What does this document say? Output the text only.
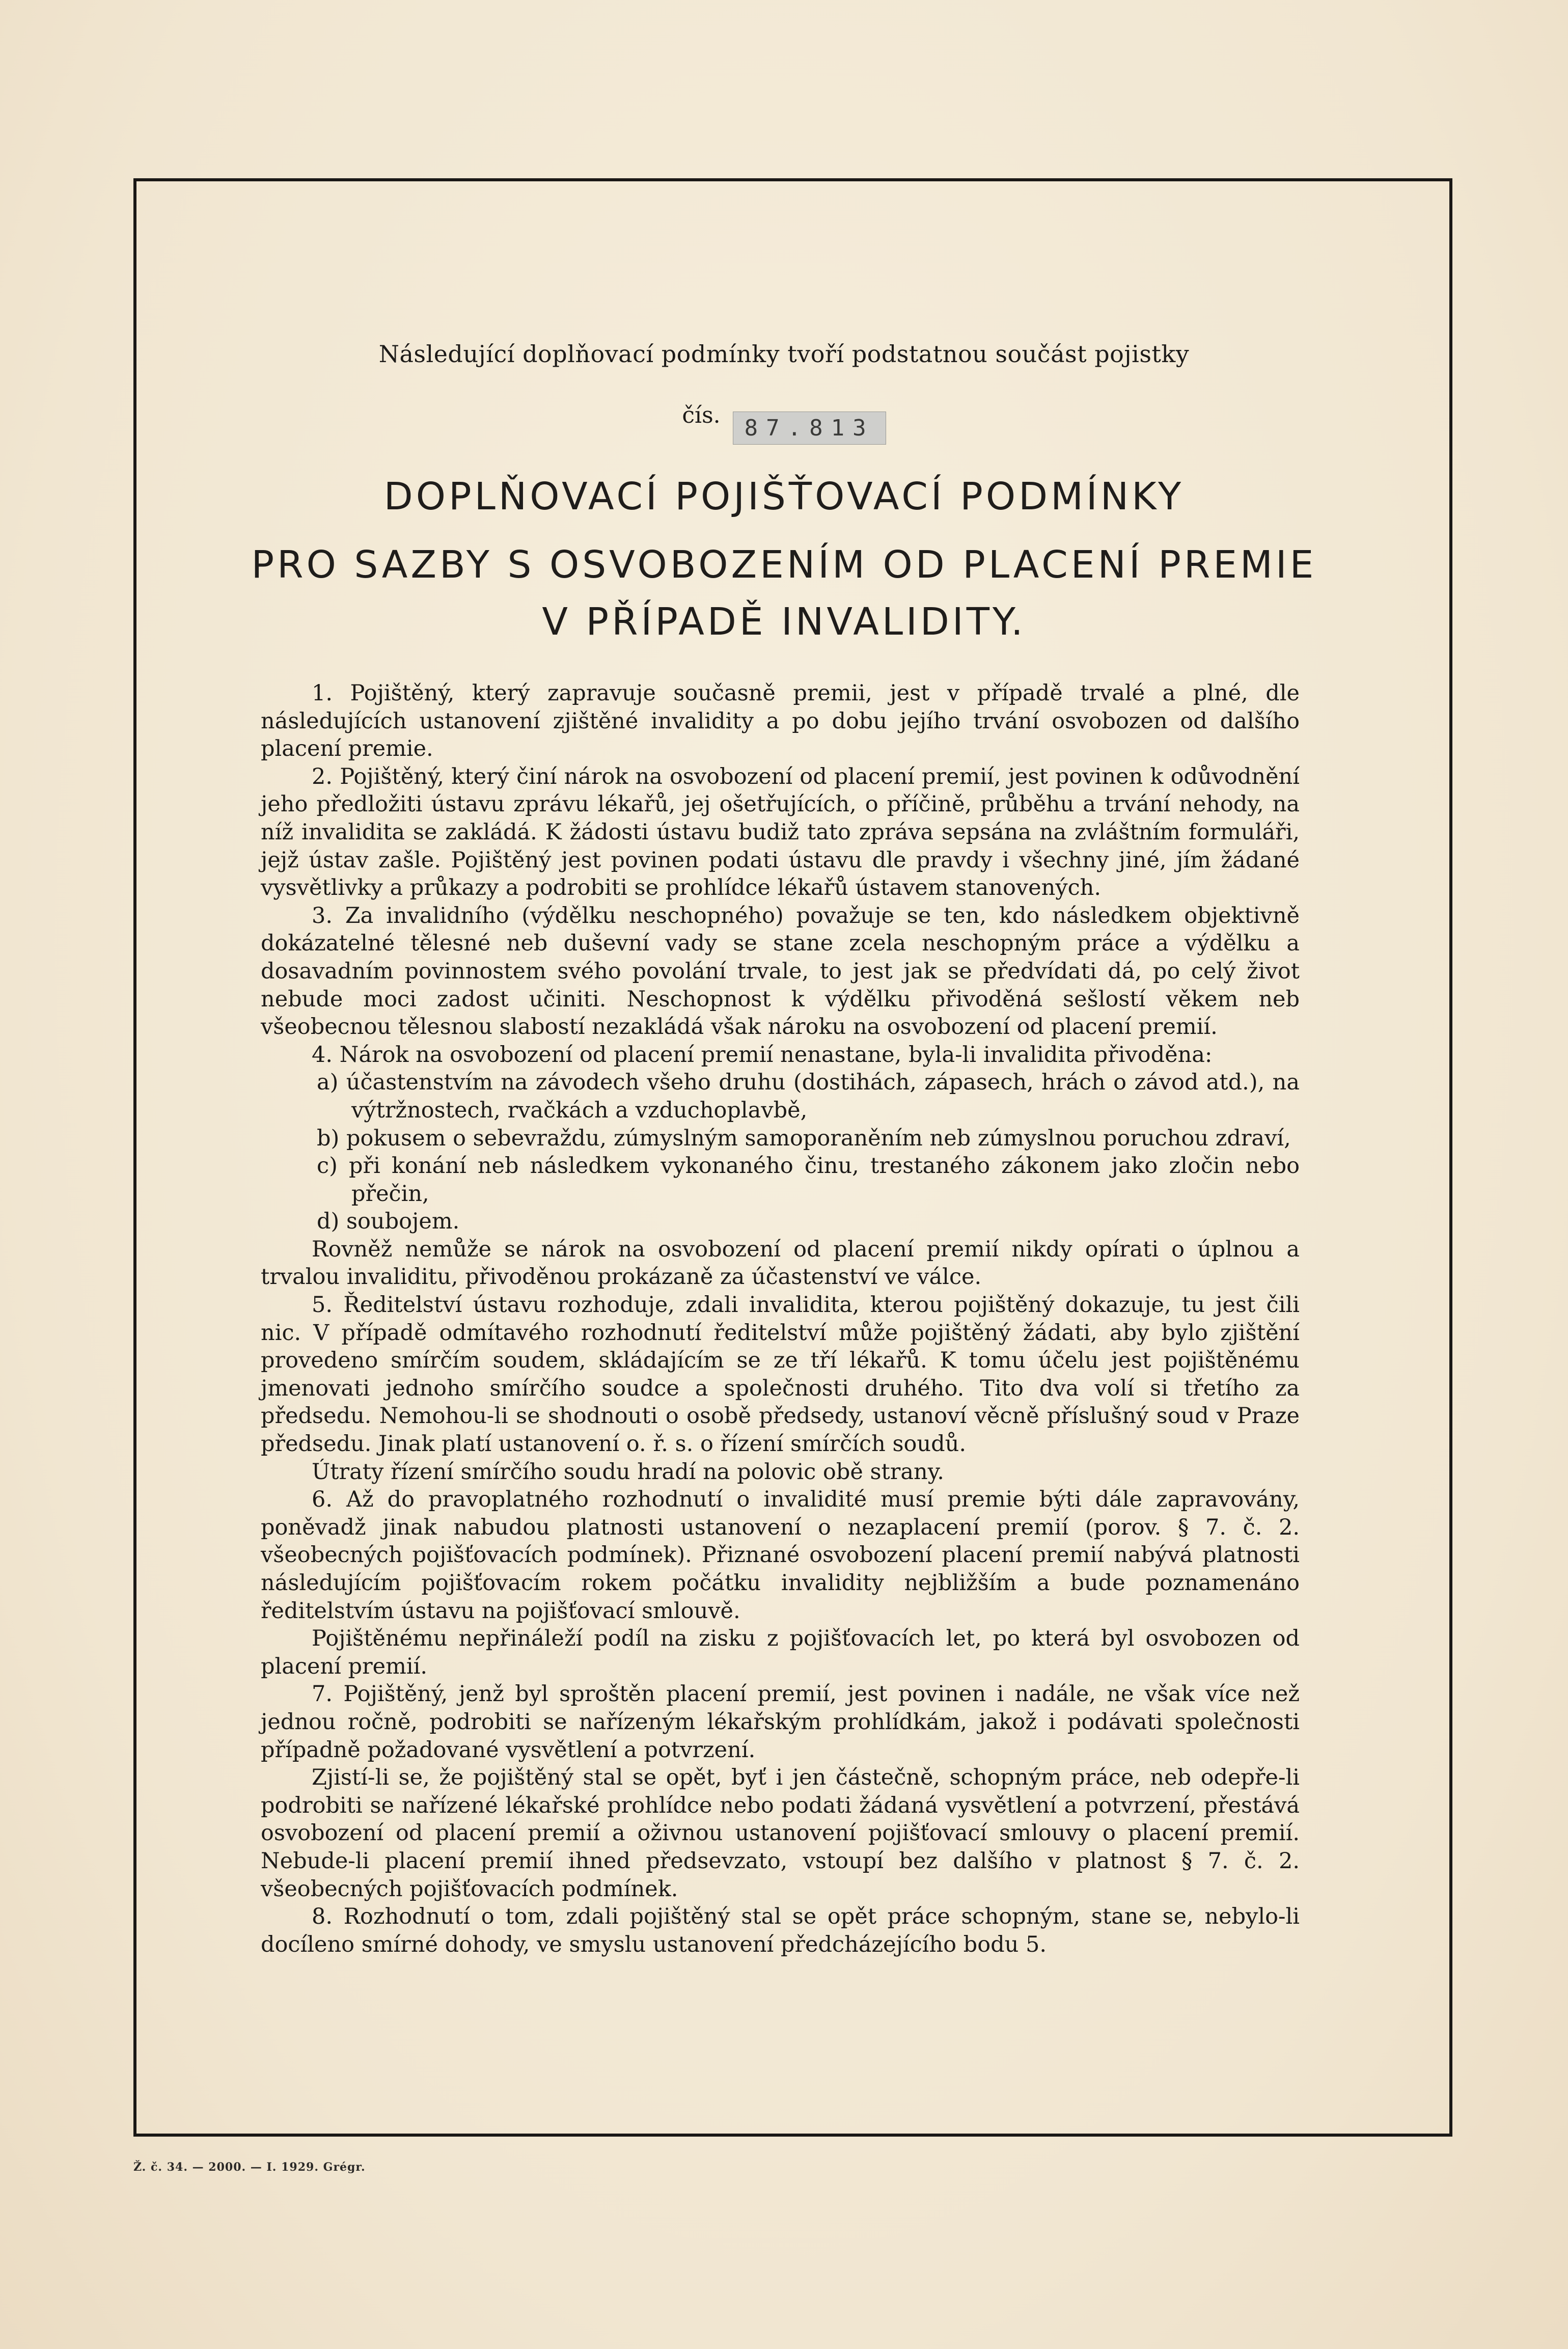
Následující doplňovací podmínky tvoří podstatnou součást pojistky
čís. 87.813
DOPLŇOVACÍ POJIŠŤOVACÍ PODMÍNKY
PRO SAZBY S OSVOBOZENÍM OD PLACENÍ PREMIE
V PŘÍPADĚ INVALIDITY.

1. Pojištěný, který zapravuje současně premii, jest v případě trvalé a plné, dle následujících ustanovení zjištěné invalidity a po dobu jejího trvání osvobozen od dalšího placení premie.

2. Pojištěný, který činí nárok na osvobození od placení premií, jest povinen k odůvodnění jeho předložiti ústavu zprávu lékařů, jej ošetřujících, o příčině, průběhu a trvání nehody, na níž invalidita se zakládá. K žádosti ústavu budiž tato zpráva sepsána na zvláštním formuláři, jejž ústav zašle. Pojištěný jest povinen podati ústavu dle pravdy i všechny jiné, jím žádané vysvětlivky a průkazy a podrobiti se prohlídce lékařů ústavem stanovených.

3. Za invalidního (výdělku neschopného) považuje se ten, kdo následkem objektivně dokázatelné tělesné neb duševní vady se stane zcela neschopným práce a výdělku a dosavadním povinnostem svého povolání trvale, to jest jak se předvídati dá, po celý život nebude moci zadost učiniti. Neschopnost k výdělku přivoděná sešlostí věkem neb všeobecnou tělesnou slabostí nezakládá však nároku na osvobození od placení premií.

4. Nárok na osvobození od placení premií nenastane, byla-li invalidita přivoděna:

a) účastenstvím na závodech všeho druhu (dostihách, zápasech, hrách o závod atd.), na výtržnostech, rvačkách a vzduchoplavbě,

b) pokusem o sebevraždu, zúmyslným samoporaněním neb zúmyslnou poruchou zdraví,

c) při konání neb následkem vykonaného činu, trestaného zákonem jako zločin nebo přečin,

d) soubojem.

Rovněž nemůže se nárok na osvobození od placení premií nikdy opírati o úplnou a trvalou invaliditu, přivoděnou prokázaně za účastenství ve válce.

5. Ředitelství ústavu rozhoduje, zdali invalidita, kterou pojištěný dokazuje, tu jest čili nic. V případě odmítavého rozhodnutí ředitelství může pojištěný žádati, aby bylo zjištění provedeno smírčím soudem, skládajícím se ze tří lékařů. K tomu účelu jest pojištěnému jmenovati jednoho smírčího soudce a společnosti druhého. Tito dva volí si třetího za předsedu. Nemohou-li se shodnouti o osobě předsedy, ustanoví věcně příslušný soud v Praze předsedu. Jinak platí ustanovení o. ř. s. o řízení smírčích soudů.

Útraty řízení smírčího soudu hradí na polovic obě strany.

6. Až do pravoplatného rozhodnutí o invalidité musí premie býti dále zapravovány, poněvadž jinak nabudou platnosti ustanovení o nezaplacení premií (porov. § 7. č. 2. všeobecných pojišťovacích podmínek). Přiznané osvobození placení premií nabývá platnosti následujícím pojišťovacím rokem počátku invalidity nejbližším a bude poznamenáno ředitelstvím ústavu na pojišťovací smlouvě.

Pojištěnému nepřináleží podíl na zisku z pojišťovacích let, po která byl osvobozen od placení premií.

7. Pojištěný, jenž byl sproštěn placení premií, jest povinen i nadále, ne však více než jednou ročně, podrobiti se nařízeným lékařským prohlídkám, jakož i podávati společnosti případně požadované vysvětlení a potvrzení.

Zjistí-li se, že pojištěný stal se opět, byť i jen částečně, schopným práce, neb odepře-li podrobiti se nařízené lékařské prohlídce nebo podati žádaná vysvětlení a potvrzení, přestává osvobození od placení premií a oživnou ustanovení pojišťovací smlouvy o placení premií. Nebude-li placení premií ihned předsevzato, vstoupí bez dalšího v platnost § 7. č. 2. všeobecných pojišťovacích podmínek.

8. Rozhodnutí o tom, zdali pojištěný stal se opět práce schopným, stane se, nebylo-li docíleno smírné dohody, ve smyslu ustanovení předcházejícího bodu 5.

Ž. č. 34. — 2000. — I. 1929. Grégr.
